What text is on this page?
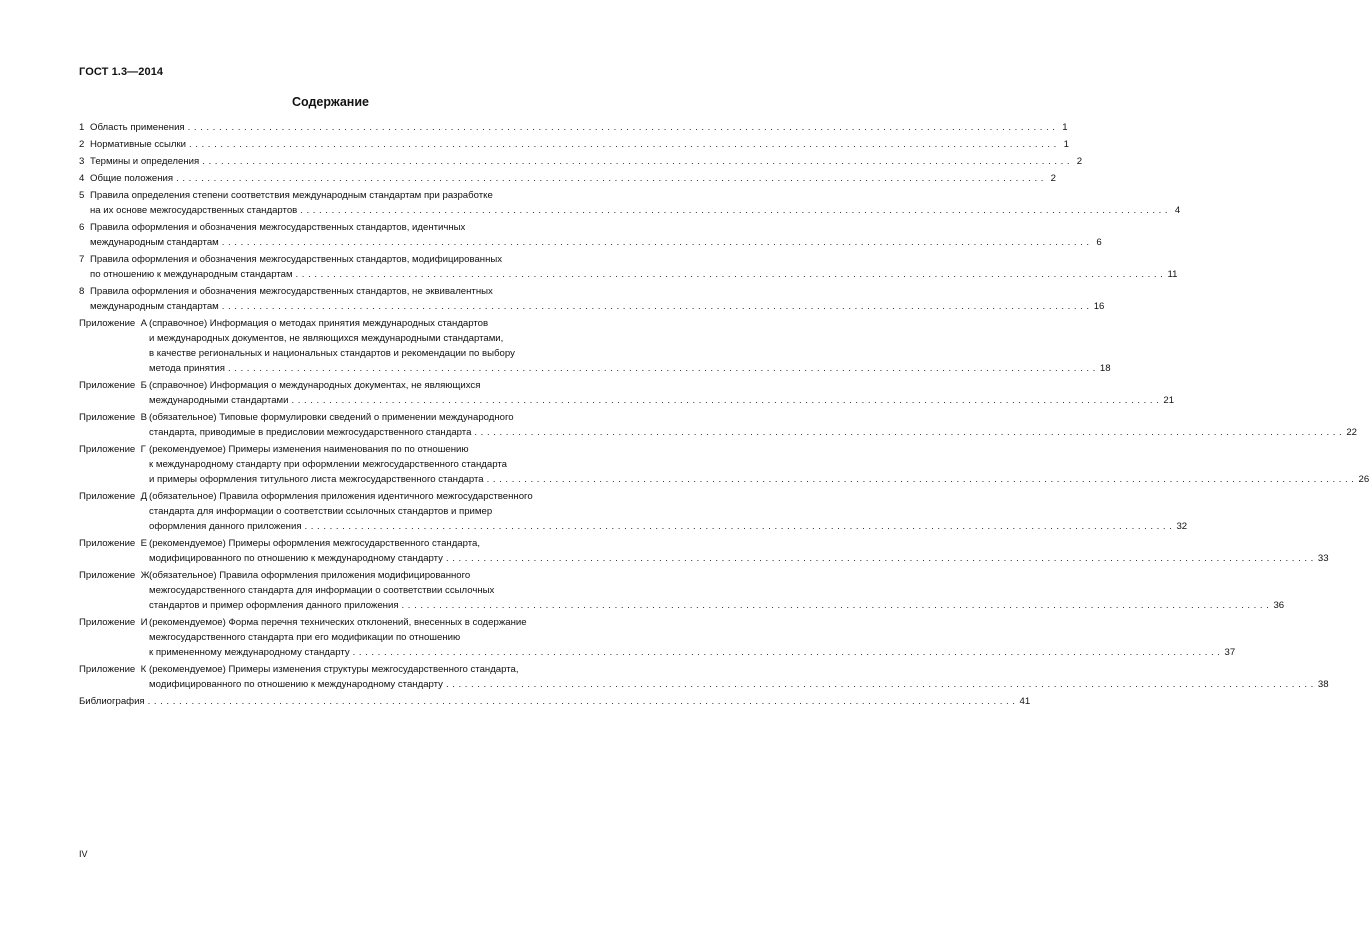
ГОСТ 1.3—2014
Содержание
1 Область применения ........................................................................................................................................... 1
2 Нормативные ссылки ........................................................................................................................................... 1
3 Термины и определения ........................................................................................................................................... 2
4 Общие положения ........................................................................................................................................... 2
5 Правила определения степени соответствия международным стандартам при разработке
на их основе межгосударственных стандартов ........................................................................................................................................... 4
6 Правила оформления и обозначения межгосударственных стандартов, идентичных
международным стандартам ........................................................................................................................................... 6
7 Правила оформления и обозначения межгосударственных стандартов, модифицированных
по отношению к международным стандартам ........................................................................................................................................... 11
8 Правила оформления и обозначения межгосударственных стандартов, не эквивалентных
международным стандартам ........................................................................................................................................... 16
Приложение А (справочное) Информация о методах принятия международных стандартов
и международных документов, не являющихся международными стандартами,
в качестве региональных и национальных стандартов и рекомендации по выбору
метода принятия ........................................................................................................................................... 18
Приложение Б (справочное) Информация о международных документах, не являющихся
международными стандартами ........................................................................................................................................... 21
Приложение В (обязательное) Типовые формулировки сведений о применении международного
стандарта, приводимые в предисловии межгосударственного стандарта ........................................................................................................................................... 22
Приложение Г (рекомендуемое) Примеры изменения наименования по по отношению
к международному стандарту при оформлении межгосударственного стандарта
и примеры оформления титульного листа межгосударственного стандарта ........................................................................................................................................... 26
Приложение Д (обязательное) Правила оформления приложения идентичного межгосударственного
стандарта для информации о соответствии ссылочных стандартов и пример
оформления данного приложения ........................................................................................................................................... 32
Приложение Е (рекомендуемое) Примеры оформления межгосударственного стандарта,
модифицированного по отношению к международному стандарту ........................................................................................................................................... 33
Приложение Ж (обязательное) Правила оформления приложения модифицированного
межгосударственного стандарта для информации о соответствии ссылочных
стандартов и пример оформления данного приложения ........................................................................................................................................... 36
Приложение И (рекомендуемое) Форма перечня технических отклонений, внесенных в содержание
межгосударственного стандарта при его модификации по отношению
к примененному международному стандарту ........................................................................................................................................... 37
Приложение К (рекомендуемое) Примеры изменения структуры межгосударственного стандарта,
модифицированного по отношению к международному стандарту ........................................................................................................................................... 38
Библиография ........................................................................................................................................... 41
IV
